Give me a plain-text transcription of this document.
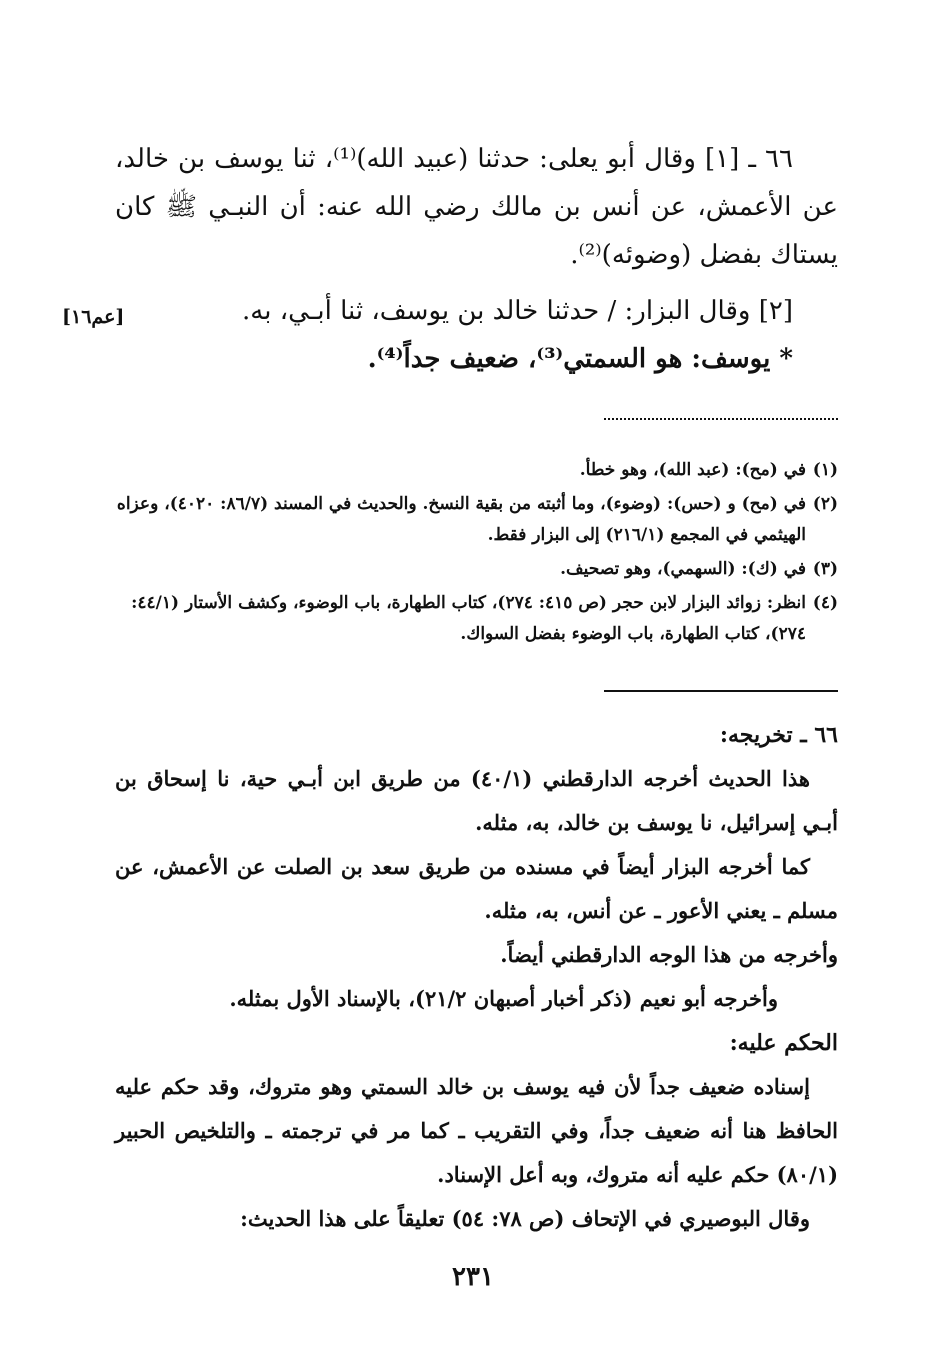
٦٦ ـ [١] وقال أبو يعلى: حدثنا (عبيد الله)⁽¹⁾، ثنا يوسف بن خالد، عن الأعمش، عن أنس بن مالك رضي الله عنه: أن النبـي ﷺ كان يستاك بفضل (وضوئه)⁽²⁾.

[٢] وقال البزار: / حدثنا خالد بن يوسف، ثنا أبـي، به.

* يوسف: هو السمتي⁽³⁾، ضعيف جداً⁽⁴⁾.

[عم١٦]
(١)
في (مح): (عبد الله)، وهو خطأ.
(٢)
في (مح) و (حس): (وضوء)، وما أثبته من بقية النسخ. والحديث في المسند (٨٦/٧: ٤٠٢٠)، وعزاه الهيثمي في المجمع (٢١٦/١) إلى البزار فقط.
(٣)
في (ك): (السهمي)، وهو تصحيف.
(٤)
انظر: زوائد البزار لابن حجر (ص ٤١٥: ٢٧٤)، كتاب الطهارة، باب الوضوء، وكشف الأستار (٤٤/١: ٢٧٤)، كتاب الطهارة، باب الوضوء بفضل السواك.

٦٦ ـ تخريجه:

هذا الحديث أخرجه الدارقطني (٤٠/١) من طريق ابن أبـي حية، نا إسحاق بن أبـي إسرائيل، نا يوسف بن خالد، به، مثله.

كما أخرجه البزار أيضاً في مسنده من طريق سعد بن الصلت عن الأعمش، عن مسلم ـ يعني الأعور ـ عن أنس، به، مثله.

وأخرجه من هذا الوجه الدارقطني أيضاً.

وأخرجه أبو نعيم (ذكر أخبار أصبهان ٢١/٢)، بالإسناد الأول بمثله.

الحكم عليه:

إسناده ضعيف جداً لأن فيه يوسف بن خالد السمتي وهو متروك، وقد حكم عليه الحافظ هنا أنه ضعيف جداً، وفي التقريب ـ كما مر في ترجمته ـ والتلخيص الحبير (٨٠/١) حكم عليه أنه متروك، وبه أعل الإسناد.

وقال البوصيري في الإتحاف (ص ٧٨: ٥٤) تعليقاً على هذا الحديث:

٢٣١
